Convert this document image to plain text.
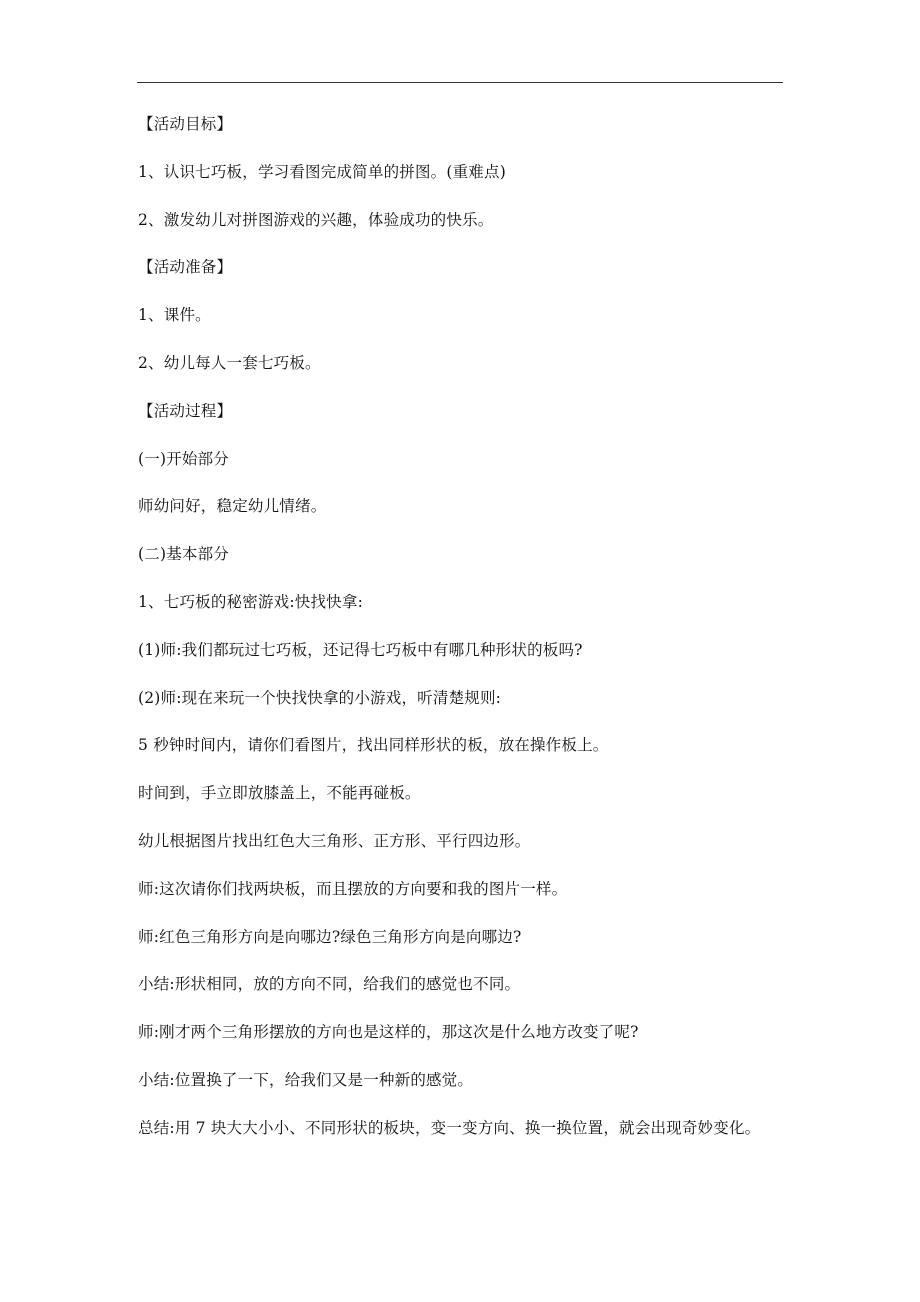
【活动目标】
1、认识七巧板，学习看图完成简单的拼图。(重难点)
2、激发幼儿对拼图游戏的兴趣，体验成功的快乐。
【活动准备】
1、课件。
2、幼儿每人一套七巧板。
【活动过程】
(一)开始部分
师幼问好，稳定幼儿情绪。
(二)基本部分
1、七巧板的秘密游戏:快找快拿:
(1)师:我们都玩过七巧板，还记得七巧板中有哪几种形状的板吗?
(2)师:现在来玩一个快找快拿的小游戏，听清楚规则:
5 秒钟时间内，请你们看图片，找出同样形状的板，放在操作板上。
时间到，手立即放膝盖上，不能再碰板。
幼儿根据图片找出红色大三角形、正方形、平行四边形。
师:这次请你们找两块板，而且摆放的方向要和我的图片一样。
师:红色三角形方向是向哪边?绿色三角形方向是向哪边?
小结:形状相同，放的方向不同，给我们的感觉也不同。
师:刚才两个三角形摆放的方向也是这样的，那这次是什么地方改变了呢?
小结:位置换了一下，给我们又是一种新的感觉。
总结:用 7 块大大小小、不同形状的板块，变一变方向、换一换位置，就会出现奇妙变化。
